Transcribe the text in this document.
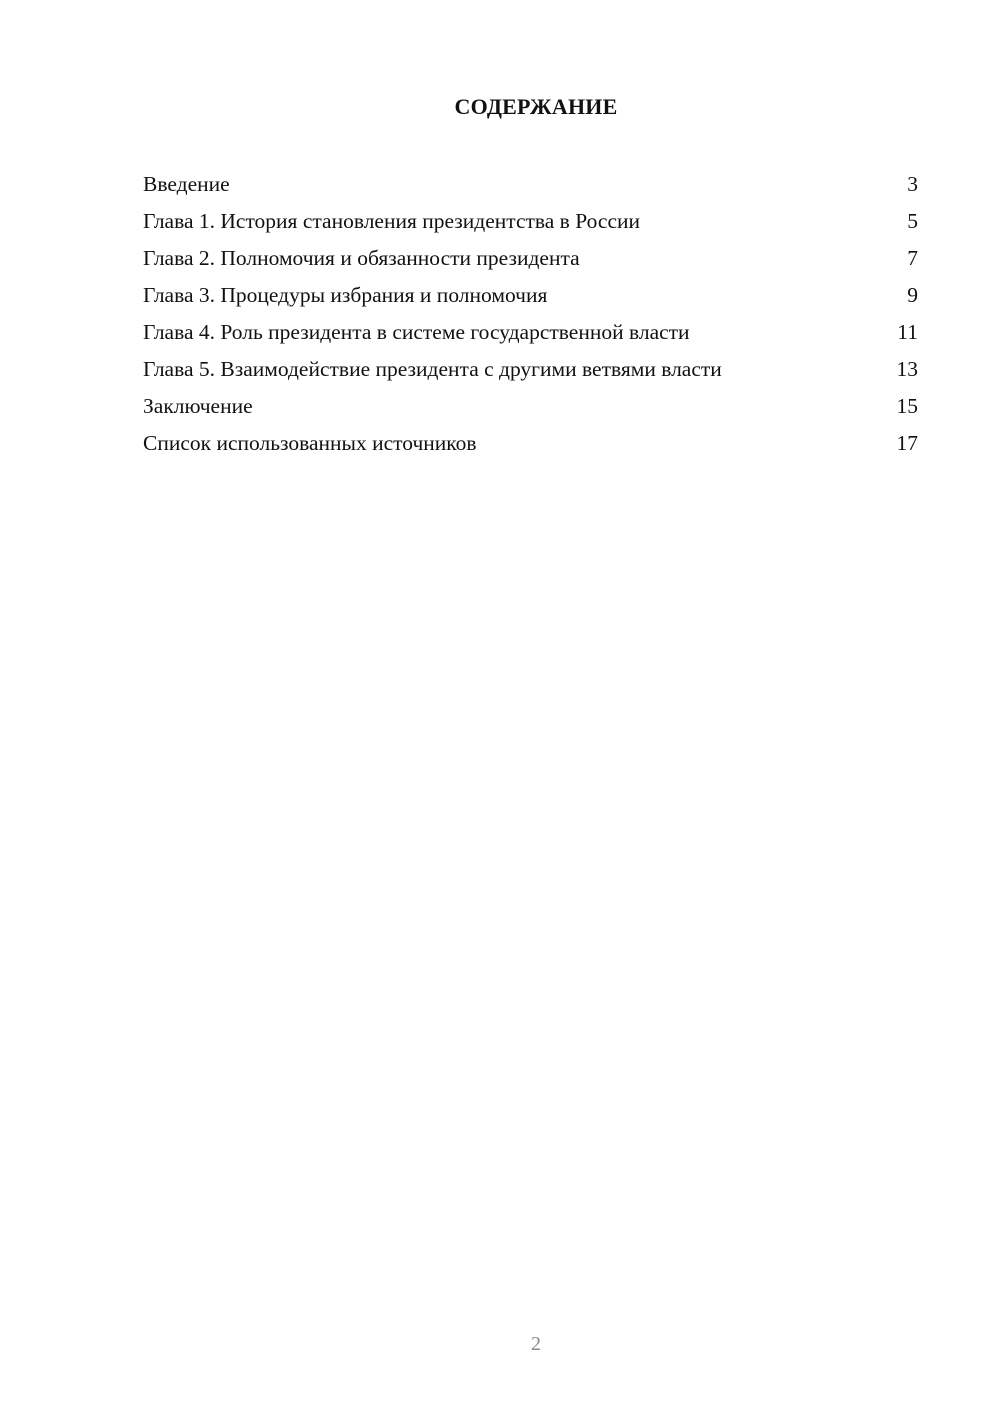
СОДЕРЖАНИЕ
Введение	3
Глава 1. История становления президентства в России	5
Глава 2. Полномочия и обязанности президента	7
Глава 3. Процедуры избрания и полномочия	9
Глава 4. Роль президента в системе государственной власти	11
Глава 5. Взаимодействие президента с другими ветвями власти	13
Заключение	15
Список использованных источников	17
2
